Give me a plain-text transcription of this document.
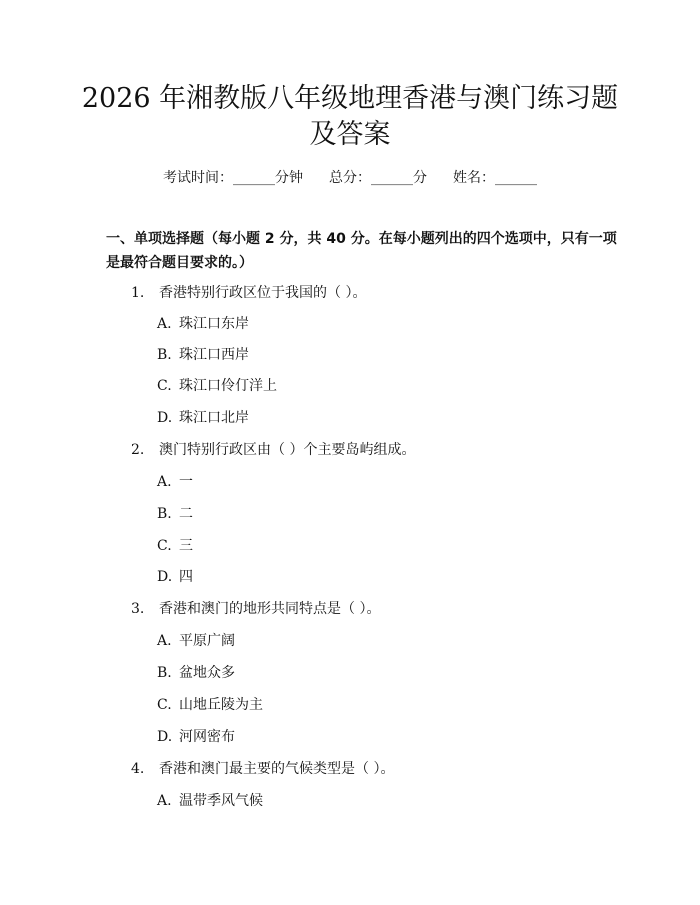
2026 年湘教版八年级地理香港与澳门练习题
及答案
考试时间：______分钟 总分：______分 姓名：______
一、单项选择题（每小题 2 分，共 40 分。在每小题列出的四个选项中，只有一项
是最符合题目要求的。）
1. 香港特别行政区位于我国的（ ）。
A. 珠江口东岸
B. 珠江口西岸
C. 珠江口伶仃洋上
D. 珠江口北岸
2. 澳门特别行政区由（ ）个主要岛屿组成。
A. 一
B. 二
C. 三
D. 四
3. 香港和澳门的地形共同特点是（ ）。
A. 平原广阔
B. 盆地众多
C. 山地丘陵为主
D. 河网密布
4. 香港和澳门最主要的气候类型是（ ）。
A. 温带季风气候
